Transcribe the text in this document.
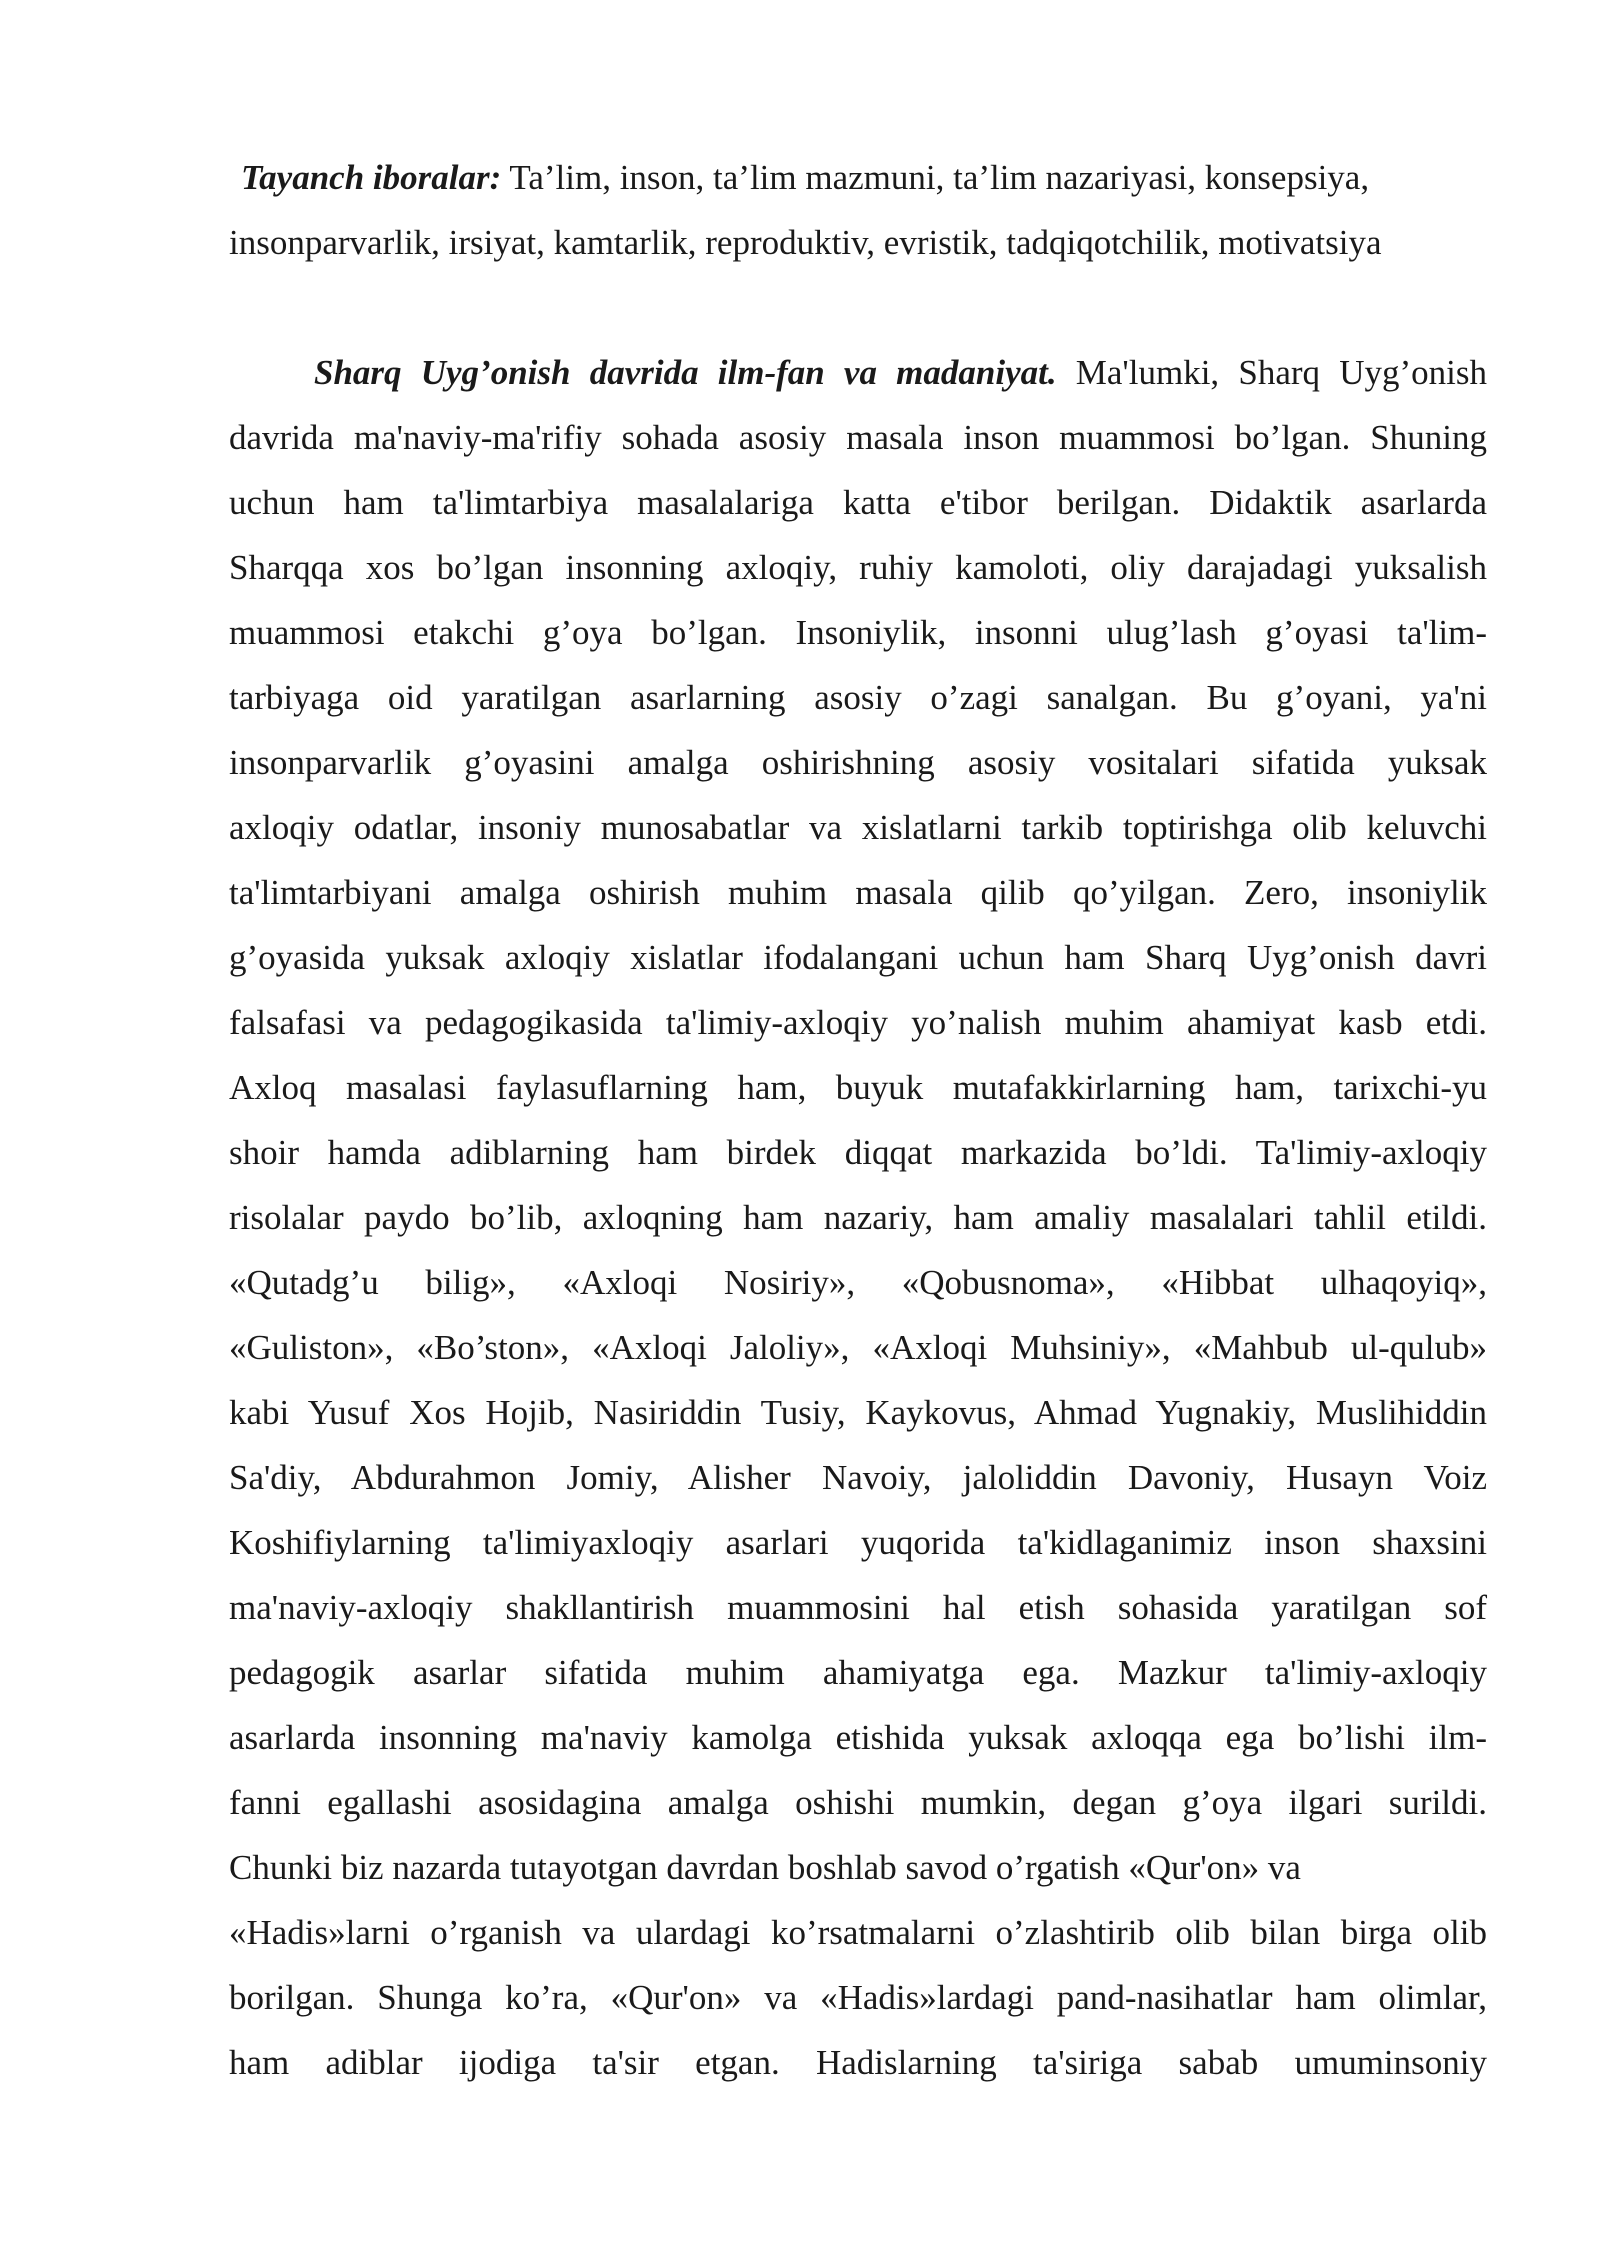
Tayanch iboralar: Ta’lim, inson, ta’lim mazmuni, ta’lim nazariyasi, konsepsiya,

insonparvarlik, irsiyat, kamtarlik, reproduktiv, evristik, tadqiqotchilik, motivatsiya

Sharq Uyg’onish davrida ilm-fan va madaniyat. Ma'lumki, Sharq Uyg’onish
davrida ma'naviy-ma'rifiy sohada asosiy masala inson muammosi bo’lgan. Shuning
uchun ham ta'limtarbiya masalalariga katta e'tibor berilgan. Didaktik asarlarda
Sharqqa xos bo’lgan insonning axloqiy, ruhiy kamoloti, oliy darajadagi yuksalish
muammosi etakchi g’oya bo’lgan. Insoniylik, insonni ulug’lash g’oyasi ta'lim-
tarbiyaga oid yaratilgan asarlarning asosiy o’zagi sanalgan. Bu g’oyani, ya'ni
insonparvarlik g’oyasini amalga oshirishning asosiy vositalari sifatida yuksak
axloqiy odatlar, insoniy munosabatlar va xislatlarni tarkib toptirishga olib keluvchi
ta'limtarbiyani amalga oshirish muhim masala qilib qo’yilgan. Zero, insoniylik
g’oyasida yuksak axloqiy xislatlar ifodalangani uchun ham Sharq Uyg’onish davri
falsafasi va pedagogikasida ta'limiy-axloqiy yo’nalish muhim ahamiyat kasb etdi.
Axloq masalasi faylasuflarning ham, buyuk mutafakkirlarning ham, tarixchi-yu
shoir hamda adiblarning ham birdek diqqat markazida bo’ldi. Ta'limiy-axloqiy
risolalar paydo bo’lib, axloqning ham nazariy, ham amaliy masalalari tahlil etildi.
«Qutadg’u bilig», «Axloqi Nosiriy», «Qobusnoma», «Hibbat ulhaqoyiq»,
«Guliston», «Bo’ston», «Axloqi Jaloliy», «Axloqi Muhsiniy», «Mahbub ul-qulub»
kabi Yusuf Xos Hojib, Nasiriddin Tusiy, Kaykovus, Ahmad Yugnakiy, Muslihiddin
Sa'diy, Abdurahmon Jomiy, Alisher Navoiy, jaloliddin Davoniy, Husayn Voiz
Koshifiylarning ta'limiyaxloqiy asarlari yuqorida ta'kidlaganimiz inson shaxsini
ma'naviy-axloqiy shakllantirish muammosini hal etish sohasida yaratilgan sof
pedagogik asarlar sifatida muhim ahamiyatga ega. Mazkur ta'limiy-axloqiy
asarlarda insonning ma'naviy kamolga etishida yuksak axloqqa ega bo’lishi ilm-
fanni egallashi asosidagina amalga oshishi mumkin, degan g’oya ilgari surildi.
Chunki biz nazarda tutayotgan davrdan boshlab savod o’rgatish «Qur'on» va
«Hadis»larni o’rganish va ulardagi ko’rsatmalarni o’zlashtirib olib bilan birga olib
borilgan. Shunga ko’ra, «Qur'on» va «Hadis»lardagi pand-nasihatlar ham olimlar,
ham adiblar ijodiga ta'sir etgan. Hadislarning ta'siriga sabab umuminsoniy
